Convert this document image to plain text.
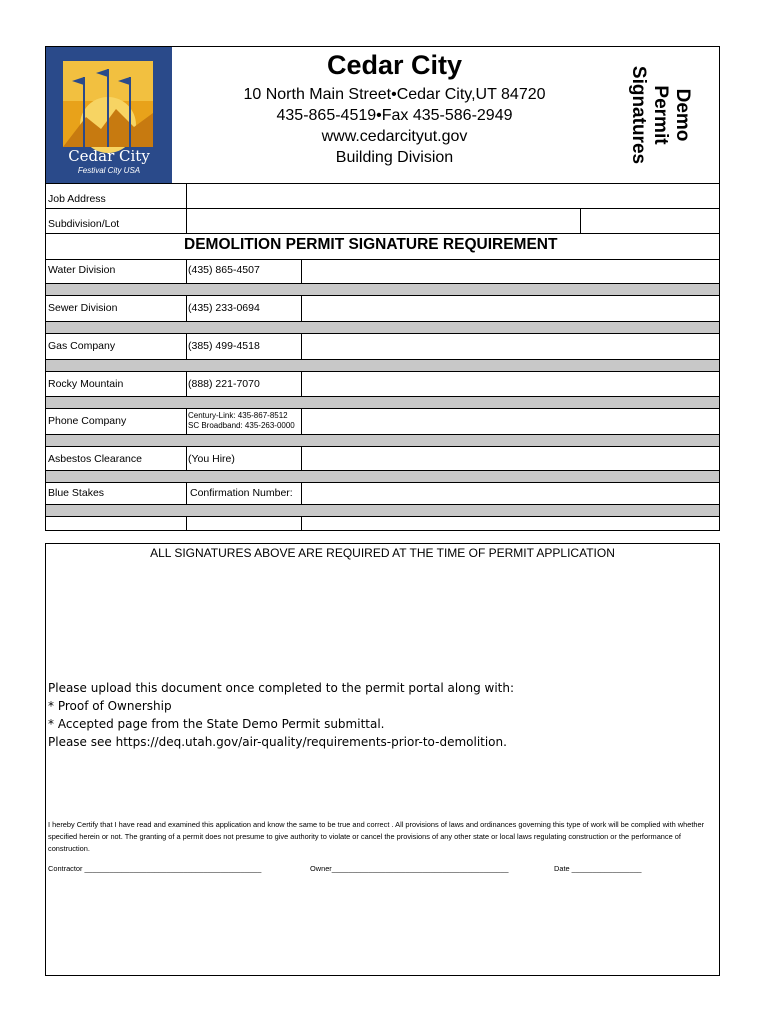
Cedar City
Festival City USA
Cedar City
10 North Main Street•Cedar City,UT 84720
435-865-4519•Fax 435-586-2949
www.cedarcityut.gov
Building Division
Demo
Permit
Signatures
Job Address
Subdivision/Lot
DEMOLITION PERMIT SIGNATURE REQUIREMENT
Water Division	(435) 865-4507
Sewer Division	(435) 233-0694
Gas Company	(385) 499-4518
Rocky Mountain	(888) 221-7070
Phone Company	Century-Link: 435-867-8512
SC Broadband: 435-263-0000
Asbestos Clearance	(You Hire)
Blue Stakes	Confirmation Number:
ALL SIGNATURES ABOVE ARE REQUIRED AT THE TIME OF PERMIT APPLICATION
Please upload this document once completed to the permit portal along with:
* Proof of Ownership
* Accepted page from the State Demo Permit submittal.
Please see https://deq.utah.gov/air-quality/requirements-prior-to-demolition.
I hereby Certify that I have read and examined this application and know the same to be true and correct . All provisions of laws and ordinances governing this type of work will be complied with whether specified herein or not. The granting of a permit does not presume to give authority to violate or cancel the provisions of any other state or local laws regulating construction or the performance of construction.
Contractor ___________________________________________	Owner___________________________________________	Date _________________
